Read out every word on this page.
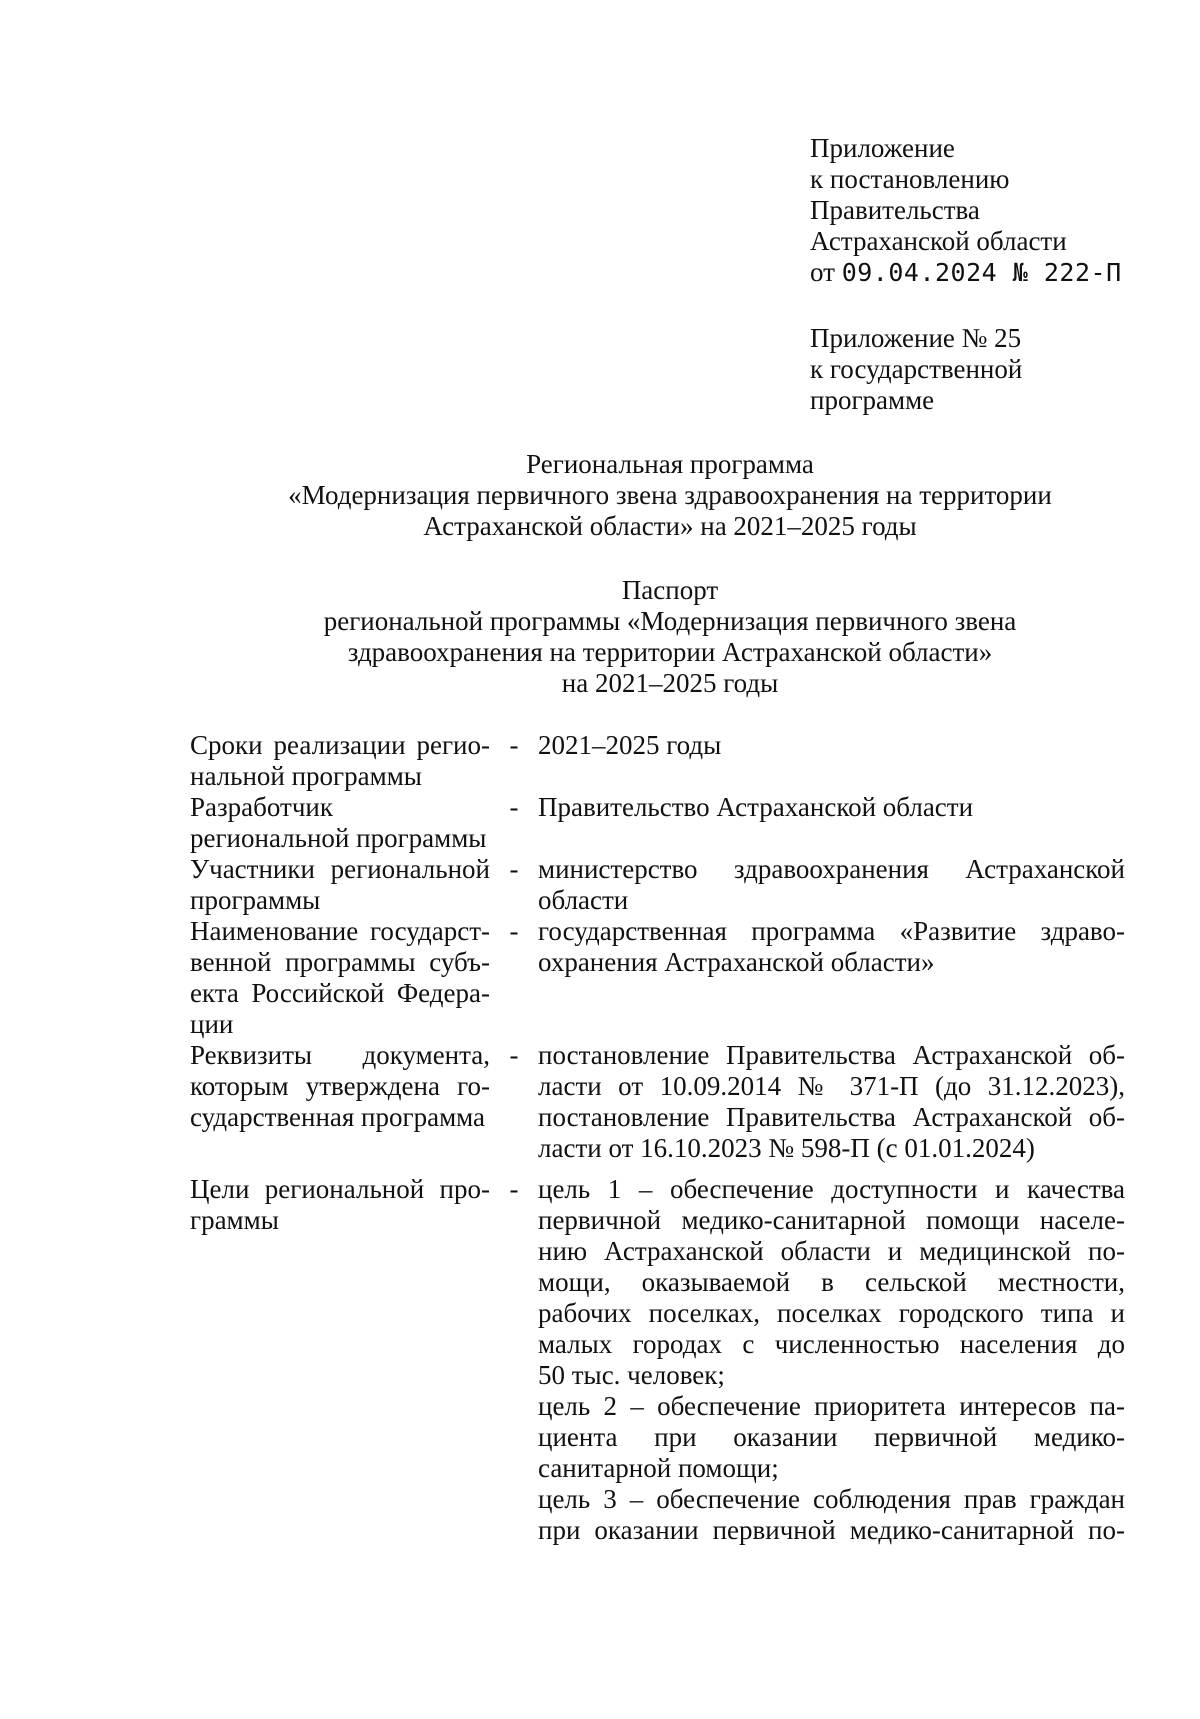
Приложение
к постановлению
Правительства
Астраханской области
от 09.04.2024 № 222-П
Приложение № 25
к государственной
программе
Региональная программа
«Модернизация первичного звена здравоохранения на территории
Астраханской области» на 2021–2025 годы
Паспорт
региональной программы «Модернизация первичного звена
здравоохранения на территории Астраханской области»
на 2021–2025 годы
Сроки реализации регио-
нальной программы
- 2021–2025 годы
Разработчик
региональной программы
- Правительство Астраханской области
Участники региональной
программы
- министерство здравоохранения Астраханской
области
Наименование государст-
венной программы субъ-
екта Российской Федера-
ции
- государственная программа «Развитие здраво-
охранения Астраханской области»
Реквизиты документа,
которым утверждена го-
сударственная программа
- постановление Правительства Астраханской об-
ласти от 10.09.2014 № 371-П (до 31.12.2023),
постановление Правительства Астраханской об-
ласти от 16.10.2023 № 598-П (с 01.01.2024)
Цели региональной про-
граммы
- цель 1 – обеспечение доступности и качества
первичной медико-санитарной помощи населе-
нию Астраханской области и медицинской по-
мощи, оказываемой в сельской местности,
рабочих поселках, поселках городского типа и
малых городах с численностью населения до
50 тыс. человек;
цель 2 – обеспечение приоритета интересов па-
циента при оказании первичной медико-
санитарной помощи;
цель 3 – обеспечение соблюдения прав граждан
при оказании первичной медико-санитарной по-
